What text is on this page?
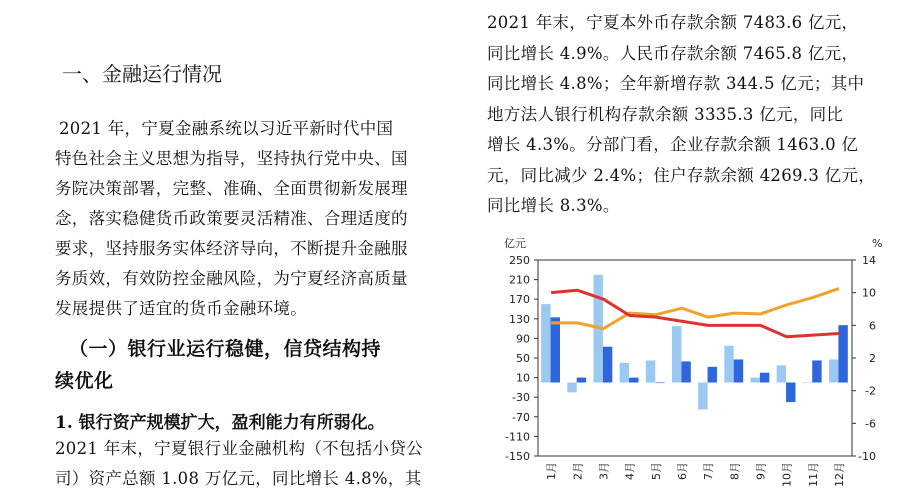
一、金融运行情况
2021 年，宁夏金融系统以习近平新时代中国
特色社会主义思想为指导，坚持执行党中央、国
务院决策部署，完整、准确、全面贯彻新发展理
念，落实稳健货币政策要灵活精准、合理适度的
要求，坚持服务实体经济导向，不断提升金融服
务质效，有效防控金融风险，为宁夏经济高质量
发展提供了适宜的货币金融环境。
（一）银行业运行稳健，信贷结构持
续优化
1. 银行资产规模扩大，盈利能力有所弱化。
2021 年末，宁夏银行业金融机构（不包括小贷公
司）资产总额 1.08 万亿元，同比增长 4.8%，其
2021 年末，宁夏本外币存款余额 7483.6 亿元，
同比增长 4.9%。人民币存款余额 7465.8 亿元，
同比增长 4.8%；全年新增存款 344.5 亿元；其中
地方法人银行机构存款余额 3335.3 亿元，同比
增长 4.3%。分部门看，企业存款余额 1463.0 亿
元，同比减少 2.4%；住户存款余额 4269.3 亿元，
同比增长 8.3%。
250
210
170
130
90
50
10
-30
-70
-110
-150
14
10
6
2
-2
-6
-10
1月 2月 3月 4月 5月 6月 7月 8月 9月 10月 11月 12月
亿元	%
